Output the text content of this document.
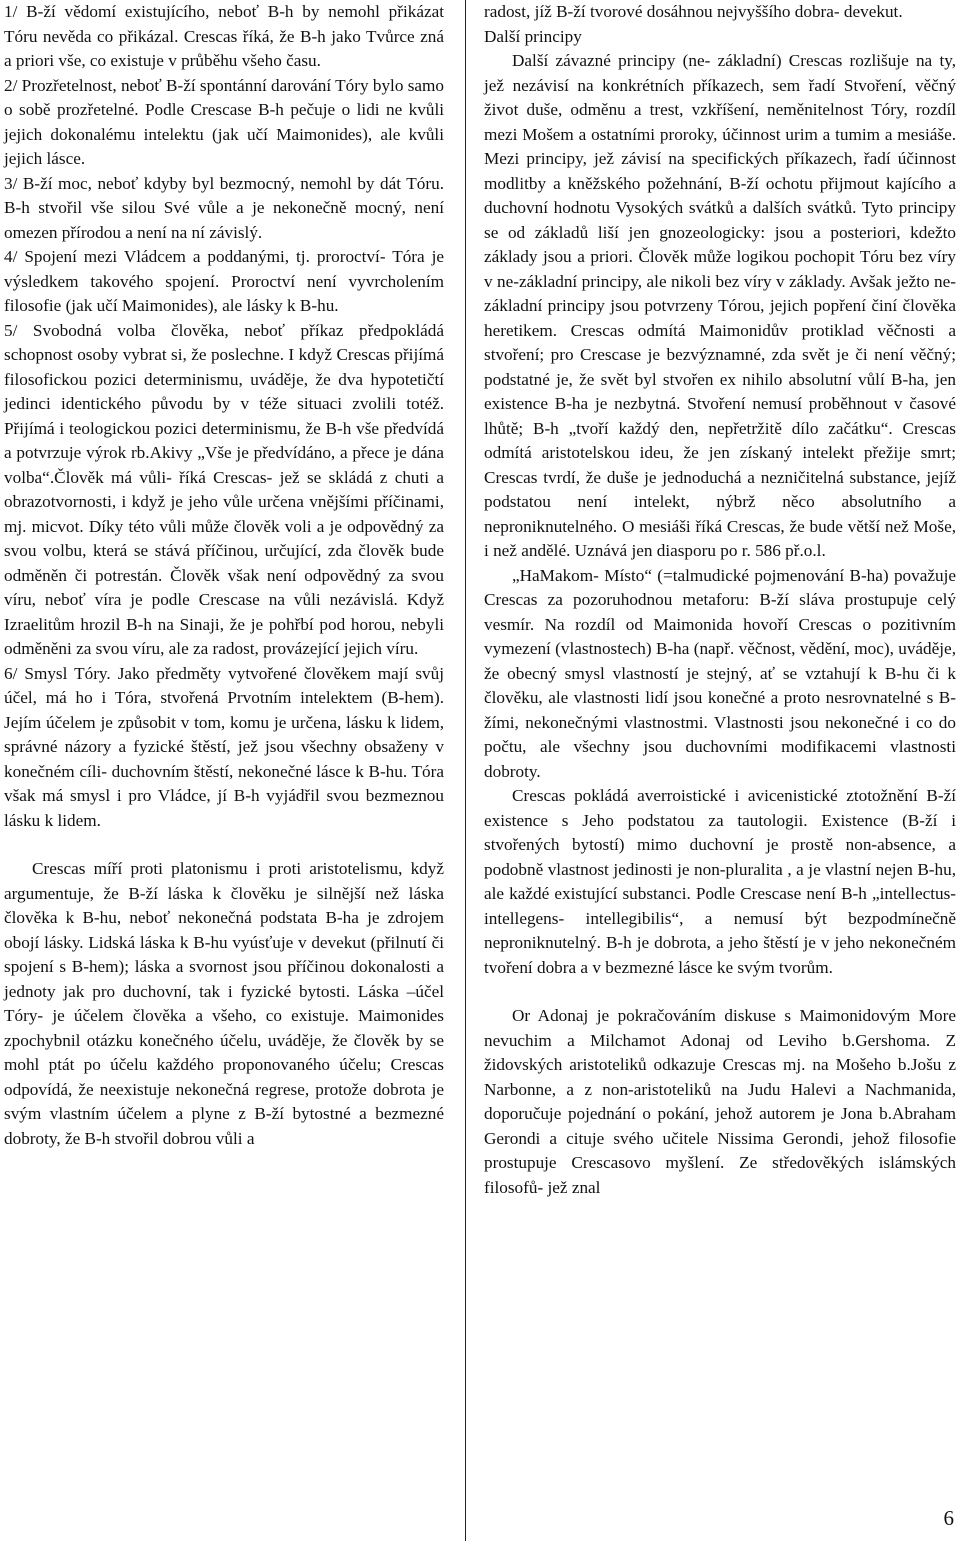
1/ B-ží vědomí existujícího, neboť B-h by nemohl přikázat Tóru nevěda co přikázal. Crescas říká, že B-h jako Tvůrce zná a priori vše, co existuje v průběhu všeho času.

2/ Prozřetelnost, neboť B-ží spontánní darování Tóry bylo samo o sobě prozřetelné. Podle Crescase B-h pečuje o lidi ne kvůli jejich dokonalému intelektu (jak učí Maimonides), ale kvůli jejich lásce.

3/ B-ží moc, neboť kdyby byl bezmocný, nemohl by dát Tóru. B-h stvořil vše silou Své vůle a je nekonečně mocný, není omezen přírodou a není na ní závislý.

4/ Spojení mezi Vládcem a poddanými, tj. proroctví- Tóra je výsledkem takového spojení. Proroctví není vyvrcholením filosofie (jak učí Maimonides), ale lásky k B-hu.

5/ Svobodná volba člověka, neboť příkaz předpokládá schopnost osoby vybrat si, že poslechne. I když Crescas přijímá filosofickou pozici determinismu, uváděje, že dva hypotetičtí jedinci identického původu by v téže situaci zvolili totéž. Přijímá i teologickou pozici determinismu, že B-h vše předvídá a potvrzuje výrok rb.Akivy „Vše je předvídáno, a přece je dána volba“.Člověk má vůli- říká Crescas- jež se skládá z chuti a obrazotvornosti, i když je jeho vůle určena vnějšími příčinami, mj. micvot. Díky této vůli může člověk voli a je odpovědný za svou volbu, která se stává příčinou, určující, zda člověk bude odměněn či potrestán. Člověk však není odpovědný za svou víru, neboť víra je podle Crescase na vůli nezávislá. Když Izraelitům hrozil B-h na Sinaji, že je pohřbí pod horou, nebyli odměněni za svou víru, ale za radost, provázející jejich víru.

6/ Smysl Tóry. Jako předměty vytvořené člověkem mají svůj účel, má ho i Tóra, stvořená Prvotním intelektem (B-hem). Jejím účelem je způsobit v tom, komu je určena, lásku k lidem, správné názory a fyzické štěstí, jež jsou všechny obsaženy v konečném cíli- duchovním štěstí, nekonečné lásce k B-hu. Tóra však má smysl i pro Vládce, jí B-h vyjádřil svou bezmeznou lásku k lidem.

Crescas míří proti platonismu i proti aristotelismu, když argumentuje, že B-ží láska k člověku je silnější než láska člověka k B-hu, neboť nekonečná podstata B-ha je zdrojem obojí lásky. Lidská láska k B-hu vyúsťuje v devekut (přilnutí či spojení s B-hem); láska a svornost jsou příčinou dokonalosti a jednoty jak pro duchovní, tak i fyzické bytosti. Láska –účel Tóry- je účelem člověka a všeho, co existuje. Maimonides zpochybnil otázku konečného účelu, uváděje, že člověk by se mohl ptát po účelu každého proponovaného účelu; Crescas odpovídá, že neexistuje nekonečná regrese, protože dobrota je svým vlastním účelem a plyne z B-ží bytostné a bezmezné dobroty, že B-h stvořil dobrou vůli a

radost, jíž B-ží tvorové dosáhnou nejvyššího dobra- devekut.

Další principy

Další závazné principy (ne- základní) Crescas rozlišuje na ty, jež nezávisí na konkrétních příkazech, sem řadí Stvoření, věčný život duše, odměnu a trest, vzkříšení, neměnitelnost Tóry, rozdíl mezi Mošem a ostatními proroky, účinnost urim a tumim a mesiáše. Mezi principy, jež závisí na specifických příkazech, řadí účinnost modlitby a kněžského požehnání, B-ží ochotu přijmout kajícího a duchovní hodnotu Vysokých svátků a dalších svátků. Tyto principy se od základů liší jen gnozeologicky: jsou a posteriori, kdežto základy jsou a priori. Člověk může logikou pochopit Tóru bez víry v ne-základní principy, ale nikoli bez víry v základy. Avšak ježto ne-základní principy jsou potvrzeny Tórou, jejich popření činí člověka heretikem. Crescas odmítá Maimonidův protiklad věčnosti a stvoření; pro Crescase je bezvýznamné, zda svět je či není věčný; podstatné je, že svět byl stvořen ex nihilo absolutní vůlí B-ha, jen existence B-ha je nezbytná. Stvoření nemusí proběhnout v časové lhůtě; B-h „tvoří každý den, nepřetržitě dílo začátku“. Crescas odmítá aristotelskou ideu, že jen získaný intelekt přežije smrt; Crescas tvrdí, že duše je jednoduchá a nezničitelná substance, jejíž podstatou není intelekt, nýbrž něco absolutního a neproniknutelného. O mesiáši říká Crescas, že bude větší než Moše, i než andělé. Uznává jen diasporu po r. 586 př.o.l.

„HaMakom- Místo“ (=talmudické pojmenování B-ha) považuje Crescas za pozoruhodnou metaforu: B-ží sláva prostupuje celý vesmír. Na rozdíl od Maimonida hovoří Crescas o pozitivním vymezení (vlastnostech) B-ha (např. věčnost, vědění, moc), uváděje, že obecný smysl vlastností je stejný, ať se vztahují k B-hu či k člověku, ale vlastnosti lidí jsou konečné a proto nesrovnatelné s B-žími, nekonečnými vlastnostmi. Vlastnosti jsou nekonečné i co do počtu, ale všechny jsou duchovními modifikacemi vlastnosti dobroty.

Crescas pokládá averroistické i avicenistické ztotožnění B-ží existence s Jeho podstatou za tautologii. Existence (B-ží i stvořených bytostí) mimo duchovní je prostě non-absence, a podobně vlastnost jedinosti je non-pluralita , a je vlastní nejen B-hu, ale každé existující substanci. Podle Crescase není B-h „intellectus- intellegens- intellegibilis“, a nemusí být bezpodmínečně neproniknutelný. B-h je dobrota, a jeho štěstí je v jeho nekonečném tvoření dobra a v bezmezné lásce ke svým tvorům.

Or Adonaj je pokračováním diskuse s Maimonidovým More nevuchim a Milchamot Adonaj od Leviho b.Gershoma. Z židovských aristoteliků odkazuje Crescas mj. na Mošeho b.Jošu z Narbonne, a z non-aristoteliků na Judu Halevi a Nachmanida, doporučuje pojednání o pokání, jehož autorem je Jona b.Abraham Gerondi a cituje svého učitele Nissima Gerondi, jehož filosofie prostupuje Crescasovo myšlení. Ze středověkých islámských filosofů- jež znal

6
